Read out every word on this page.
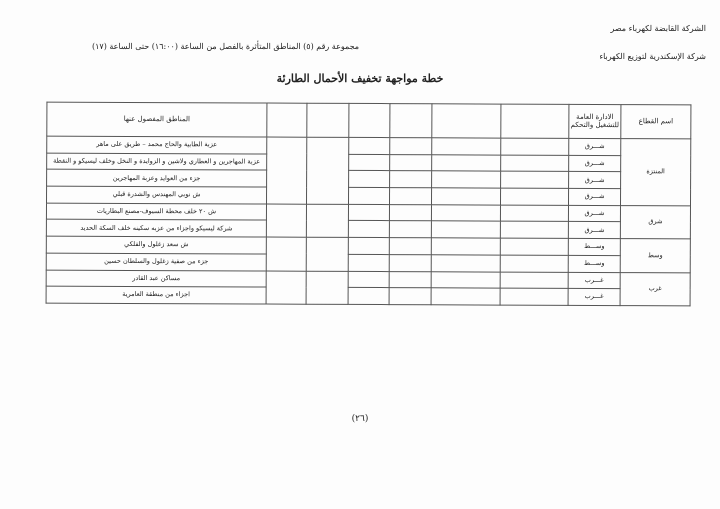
الشركة القابضة لكهرباء مصر
شركة الإسكندرية لتوزيع الكهرباء
مجموعة رقم (٥) المناطق المتأثرة بالفصل من الساعة (١٦:٠٠) حتى الساعة (١٧)
خطة مواجهة تخفيف الأحمال الطارئة
اسم القطاع	الادارة العامة للتشغيل والتحكم							المناطق المفصول عنها
المنتزة	شـــرق							عزبة الطابية والحاج محمد – طريق على ماهر
	شـــرق							عزبة المهاجرين و العطاري ولاشين و الزوايدة و النخل وخلف ليسيكو و النقطة
	شـــرق							جزء من العوايد وعزبة المهاجرين
	شـــرق							ش نوبي المهندس والشدرة قبلي
شرق	شـــرق							ش ٢٠ خلف محطة السيوف-مصنع البطاريات
	شـــرق							شركة ليسيكو واجزاء من عزبه سكينه خلف السكة الحديد
وسط	وســـط							ش سعد زغلول والفلكي
	وســـط							جزء من صفية زغلول والسلطان حسين
غرب	غـــرب							مساكن عبد القادر
	غـــرب							اجزاء من منطقة العامرية
(٢٦)
